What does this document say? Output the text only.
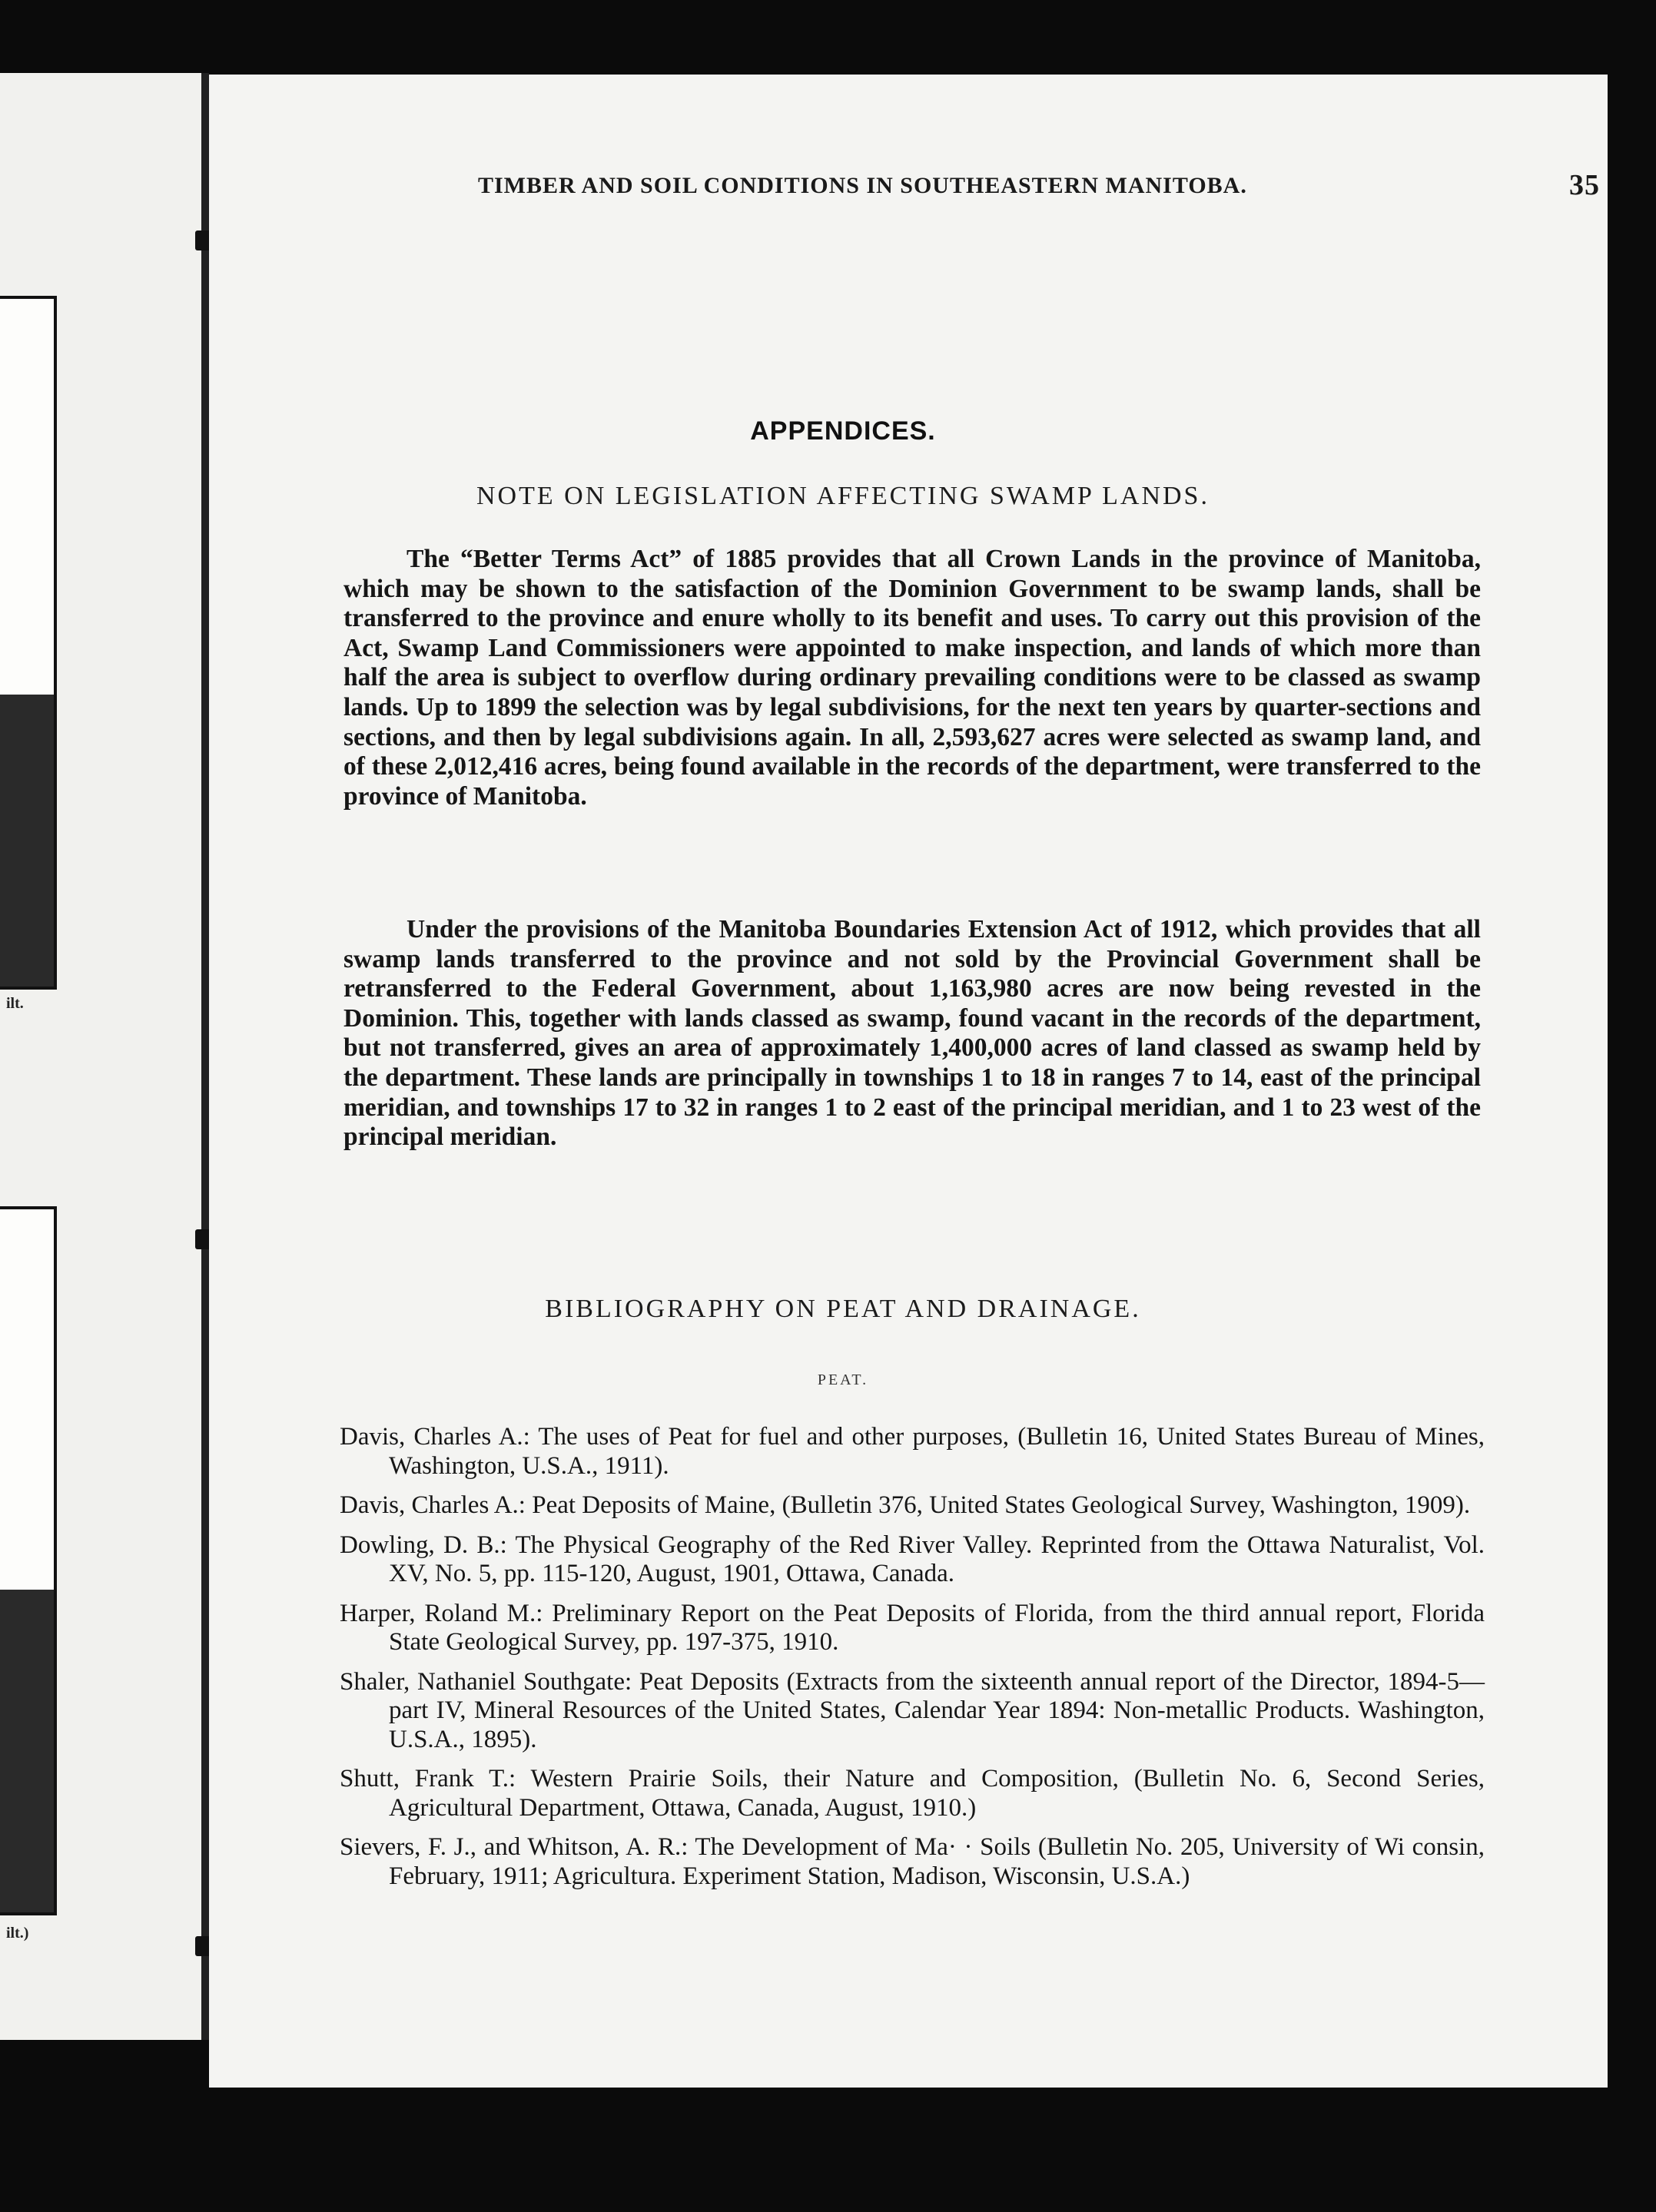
ilt.
ilt.)
TIMBER AND SOIL CONDITIONS IN SOUTHEASTERN MANITOBA.	35
APPENDICES.
NOTE ON LEGISLATION AFFECTING SWAMP LANDS.

The “Better Terms Act” of 1885 provides that all Crown Lands in the province of Manitoba, which may be shown to the satisfaction of the Dominion Government to be swamp lands, shall be transferred to the province and enure wholly to its benefit and uses. To carry out this provision of the Act, Swamp Land Commissioners were appointed to make inspection, and lands of which more than half the area is subject to overflow during ordinary prevailing conditions were to be classed as swamp lands. Up to 1899 the selection was by legal subdivisions, for the next ten years by quarter-sections and sections, and then by legal subdivisions again. In all, 2,593,627 acres were selected as swamp land, and of these 2,012,416 acres, being found available in the records of the department, were transferred to the province of Manitoba.

Under the provisions of the Manitoba Boundaries Extension Act of 1912, which provides that all swamp lands transferred to the province and not sold by the Provincial Government shall be retransferred to the Federal Government, about 1,163,980 acres are now being revested in the Dominion. This, together with lands classed as swamp, found vacant in the records of the department, but not transferred, gives an area of approximately 1,400,000 acres of land classed as swamp held by the department. These lands are principally in townships 1 to 18 in ranges 7 to 14, east of the principal meridian, and townships 17 to 32 in ranges 1 to 2 east of the principal meridian, and 1 to 23 west of the principal meridian.

BIBLIOGRAPHY ON PEAT AND DRAINAGE.
PEAT.
Davis, Charles A.: The uses of Peat for fuel and other purposes, (Bulletin 16, United States Bureau of Mines, Washington, U.S.A., 1911).
Davis, Charles A.: Peat Deposits of Maine, (Bulletin 376, United States Geological Survey, Washington, 1909).
Dowling, D. B.: The Physical Geography of the Red River Valley. Reprinted from the Ottawa Naturalist, Vol. XV, No. 5, pp. 115-120, August, 1901, Ottawa, Canada.
Harper, Roland M.: Preliminary Report on the Peat Deposits of Florida, from the third annual report, Florida State Geological Survey, pp. 197-375, 1910.
Shaler, Nathaniel Southgate: Peat Deposits (Extracts from the sixteenth annual report of the Director, 1894-5—part IV, Mineral Resources of the United States, Calendar Year 1894: Non-metallic Products. Washington, U.S.A., 1895).
Shutt, Frank T.: Western Prairie Soils, their Nature and Composition, (Bulletin No. 6, Second Series, Agricultural Department, Ottawa, Canada, August, 1910.)
Sievers, F. J., and Whitson, A. R.: The Development of Ma· · Soils (Bulletin No. 205, University of Wi consin, February, 1911; Agricultura. Experiment Station, Madison, Wisconsin, U.S.A.)
